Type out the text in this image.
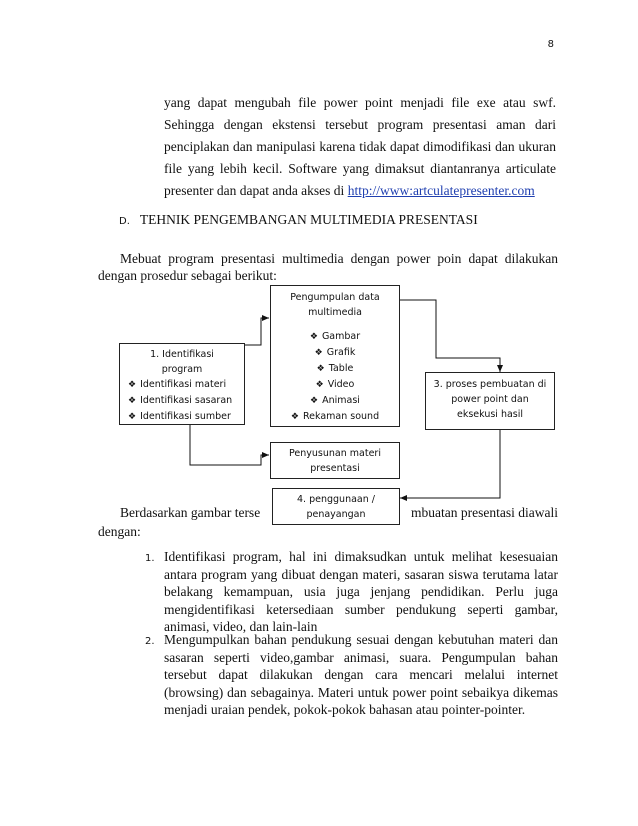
8
yang dapat mengubah file power point menjadi file exe atau swf.
Sehingga dengan ekstensi tersebut program presentasi aman dari
penciplakan dan manipulasi karena tidak dapat dimodifikasi dan ukuran
file yang lebih kecil. Software yang dimaksut diantanranya articulate
presenter dan dapat anda akses di http://www:artculatepresenter.com
D. TEHNIK PENGEMBANGAN MULTIMEDIA PRESENTASI
Mebuat program presentasi multimedia dengan power poin dapat dilakukan
dengan prosedur sebagai berikut:
1. Identifikasi
program
❖ Identifikasi materi
❖ Identifikasi sasaran
❖ Identifikasi sumber
Pengumpulan data
multimedia
❖ Gambar
❖ Grafik
❖ Table
❖ Video
❖ Animasi
❖ Rekaman sound
3. proses pembuatan di
power point dan
eksekusi hasil
Penyusunan materi
presentasi
4. penggunaan /
penayangan
Berdasarkan gambar terse	mbuatan presentasi diawali
dengan:
1. Identifikasi program, hal ini dimaksudkan untuk melihat kesesuaian
antara program yang dibuat dengan materi, sasaran siswa terutama latar
belakang kemampuan, usia juga jenjang pendidikan. Perlu juga
mengidentifikasi ketersediaan sumber pendukung seperti gambar,
animasi, video, dan lain-lain
2. Mengumpulkan bahan pendukung sesuai dengan kebutuhan materi dan
sasaran seperti video,gambar animasi, suara. Pengumpulan bahan
tersebut dapat dilakukan dengan cara mencari melalui internet
(browsing) dan sebagainya. Materi untuk power point sebaikya dikemas
menjadi uraian pendek, pokok-pokok bahasan atau pointer-pointer.
